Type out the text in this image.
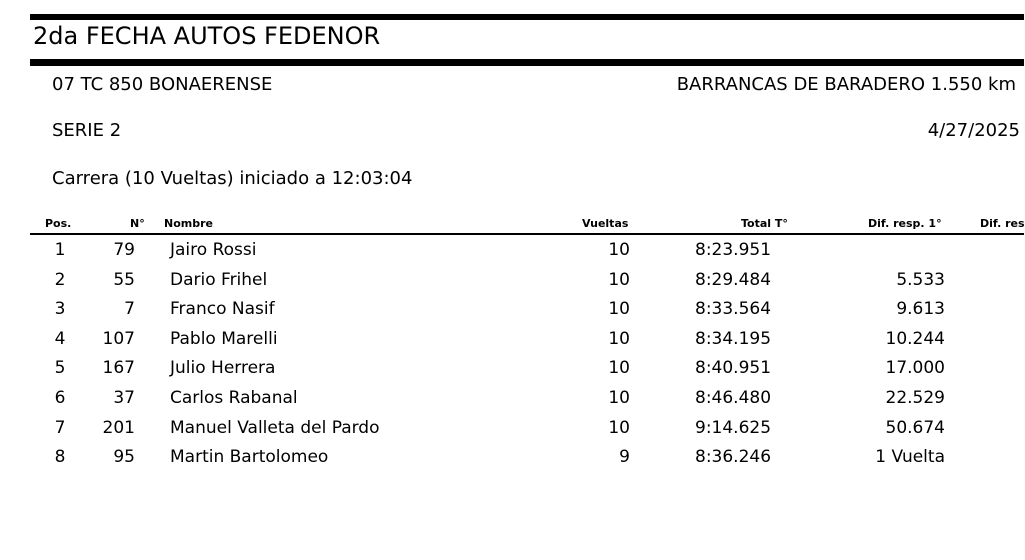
2da FECHA AUTOS FEDENOR
07 TC 850 BONAERENSE	BARRANCAS DE BARADERO 1.550 km
SERIE 2	4/27/2025
Carrera (10 Vueltas) iniciado a 12:03:04
Pos.	N° Nombre	Vueltas	Total T°	Dif. resp. 1°	Dif. res
1	79 Jairo Rossi	10	8:23.951
2	55 Dario Frihel	10	8:29.484	5.533
3	7 Franco Nasif	10	8:33.564	9.613
4	107 Pablo Marelli	10	8:34.195	10.244
5	167 Julio Herrera	10	8:40.951	17.000
6	37 Carlos Rabanal	10	8:46.480	22.529
7	201 Manuel Valleta del Pardo	10	9:14.625	50.674
8	95 Martin Bartolomeo	9	8:36.246	1 Vuelta
